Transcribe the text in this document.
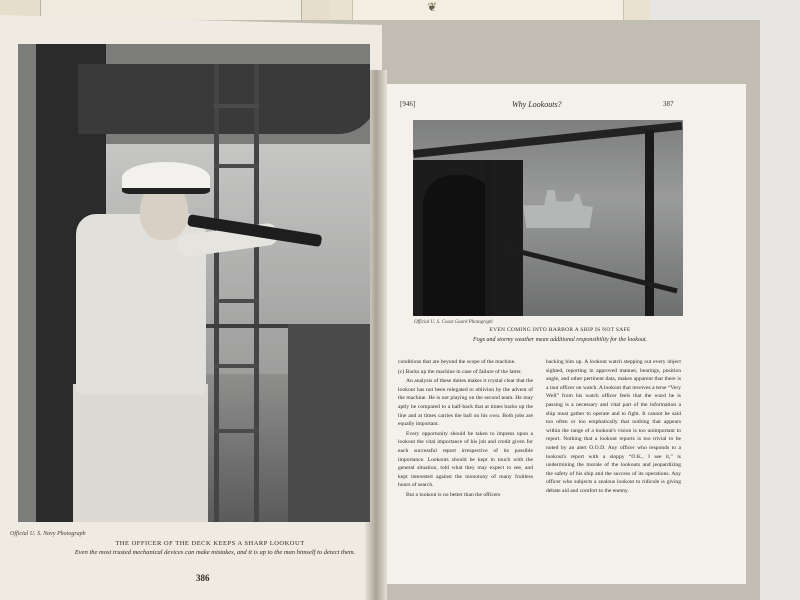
❦
Official U. S. Navy Photograph
THE OFFICER OF THE DECK KEEPS A SHARP LOOKOUT
Even the most trusted mechanical devices can make mistakes, and it is up to the man himself to detect them.
386
[946]	Why Lookouts?	387
Official U. S. Coast Guard Photograph
EVEN COMING INTO HARBOR A SHIP IS NOT SAFE
Fogs and stormy weather mean additional responsibility for the lookout.

conditions that are beyond the scope of the machine.

(c) Backs up the machine in case of failure of the latter.

An analysis of these duties makes it crystal clear that the lookout has not been relegated to oblivion by the advent of the machine. He is not playing on the second team. He may aptly be compared to a half-back that at times backs up the line and at times carries the ball on his own. Both jobs are equally important.

Every opportunity should be taken to impress upon a lookout the vital importance of his job and credit given for each successful report irrespective of its possible importance. Lookouts should be kept in touch with the general situation, told what they may expect to see, and kept interested against the monotony of many fruitless hours of search.

But a lookout is no better than the officers

backing him up. A lookout watch stepping out every object sighted, reporting in approved manner, bearings, position angle, and other pertinent data, makes apparent that there is a taut officer on watch. A lookout that receives a terse “Very Well” from his watch officer feels that the word he is passing is a necessary and vital part of the information a ship must gather to operate and to fight. It cannot be said too often or too emphatically that nothing that appears within the range of a lookout's vision is too unimportant to report. Nothing that a lookout reports is too trivial to be noted by an alert O.O.D. Any officer who responds to a lookout's report with a sloppy “O.K., I see it,” is undermining the morale of the lookouts and jeopardizing the safety of his ship and the success of its operations. Any officer who subjects a zealous lookout to ridicule is giving debate aid and comfort to the enemy.
